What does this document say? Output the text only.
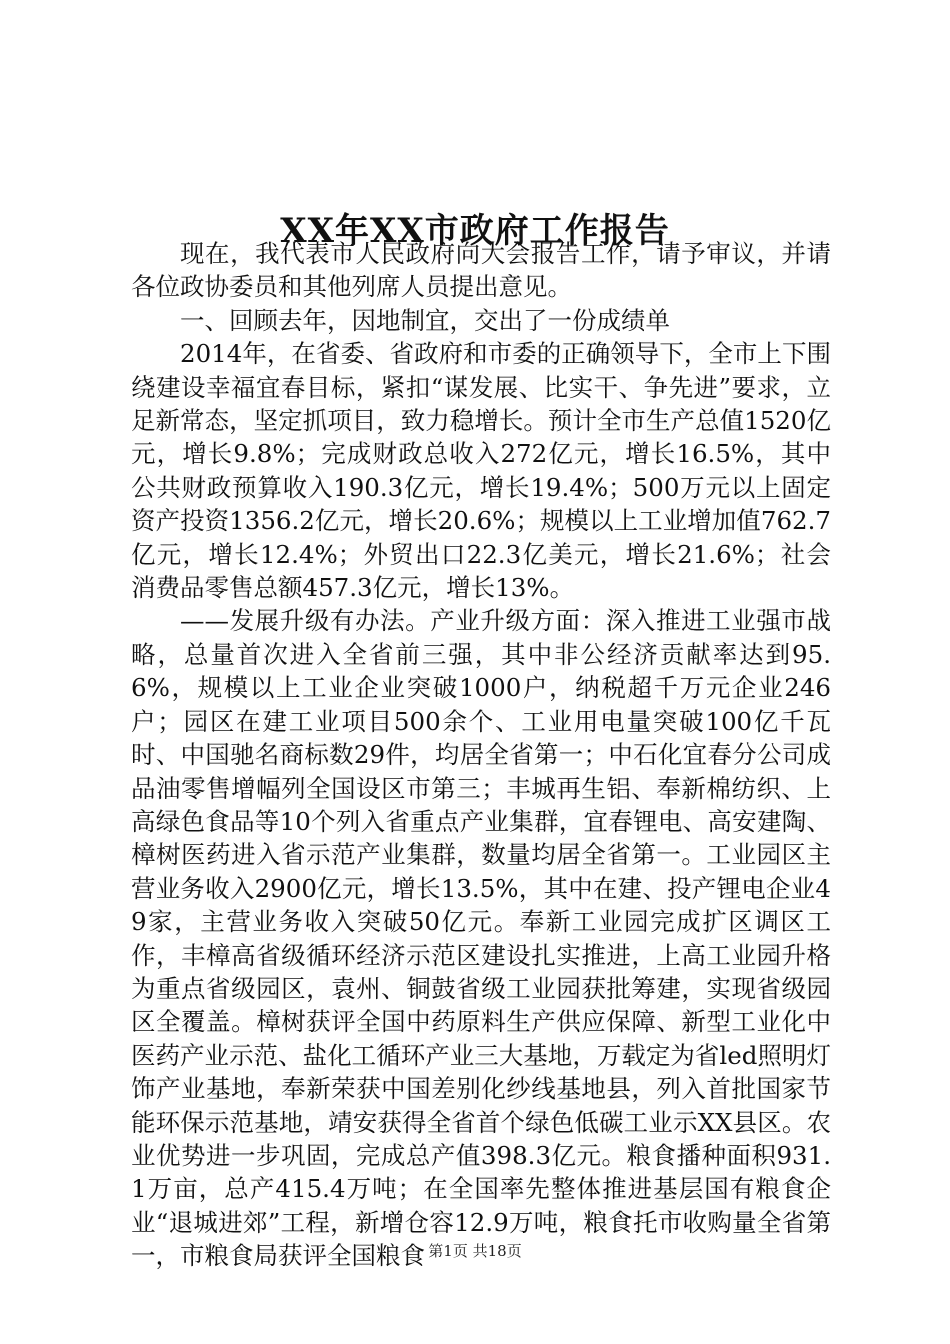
XX年XX市政府工作报告

现在，我代表市人民政府向大会报告工作，请予审议，并请各位政协委员和其他列席人员提出意见。

一、回顾去年，因地制宜，交出了一份成绩单

2014年，在省委、省政府和市委的正确领导下，全市上下围绕建设幸福宜春目标，紧扣“谋发展、比实干、争先进”要求，立足新常态，坚定抓项目，致力稳增长。预计全市生产总值1520亿元，增长9.8%；完成财政总收入272亿元，增长16.5%，其中公共财政预算收入190.3亿元，增长19.4%；500万元以上固定资产投资1356.2亿元，增长20.6%；规模以上工业增加值762.7亿元，增长12.4%；外贸出口22.3亿美元，增长21.6%；社会消费品零售总额457.3亿元，增长13%。

——发展升级有办法。产业升级方面：深入推进工业强市战略，总量首次进入全省前三强，其中非公经济贡献率达到95.6%，规模以上工业企业突破1000户，纳税超千万元企业246户；园区在建工业项目500余个、工业用电量突破100亿千瓦时、中国驰名商标数29件，均居全省第一；中石化宜春分公司成品油零售增幅列全国设区市第三；丰城再生铝、奉新棉纺织、上高绿色食品等10个列入省重点产业集群，宜春锂电、高安建陶、樟树医药进入省示范产业集群，数量均居全省第一。工业园区主营业务收入2900亿元，增长13.5%，其中在建、投产锂电企业49家，主营业务收入突破50亿元。奉新工业园完成扩区调区工作，丰樟高省级循环经济示范区建设扎实推进，上高工业园升格为重点省级园区，袁州、铜鼓省级工业园获批筹建，实现省级园区全覆盖。樟树获评全国中药原料生产供应保障、新型工业化中医药产业示范、盐化工循环产业三大基地，万载定为省led照明灯饰产业基地，奉新荣获中国差别化纱线基地县，列入首批国家节能环保示范基地，靖安获得全省首个绿色低碳工业示XX县区。农业优势进一步巩固，完成总产值398.3亿元。粮食播种面积931.1万亩，总产415.4万吨；在全国率先整体推进基层国有粮食企业“退城进郊”工程，新增仓容12.9万吨，粮食托市收购量全省第一，市粮食局获评全国粮食 第1页 共18页
